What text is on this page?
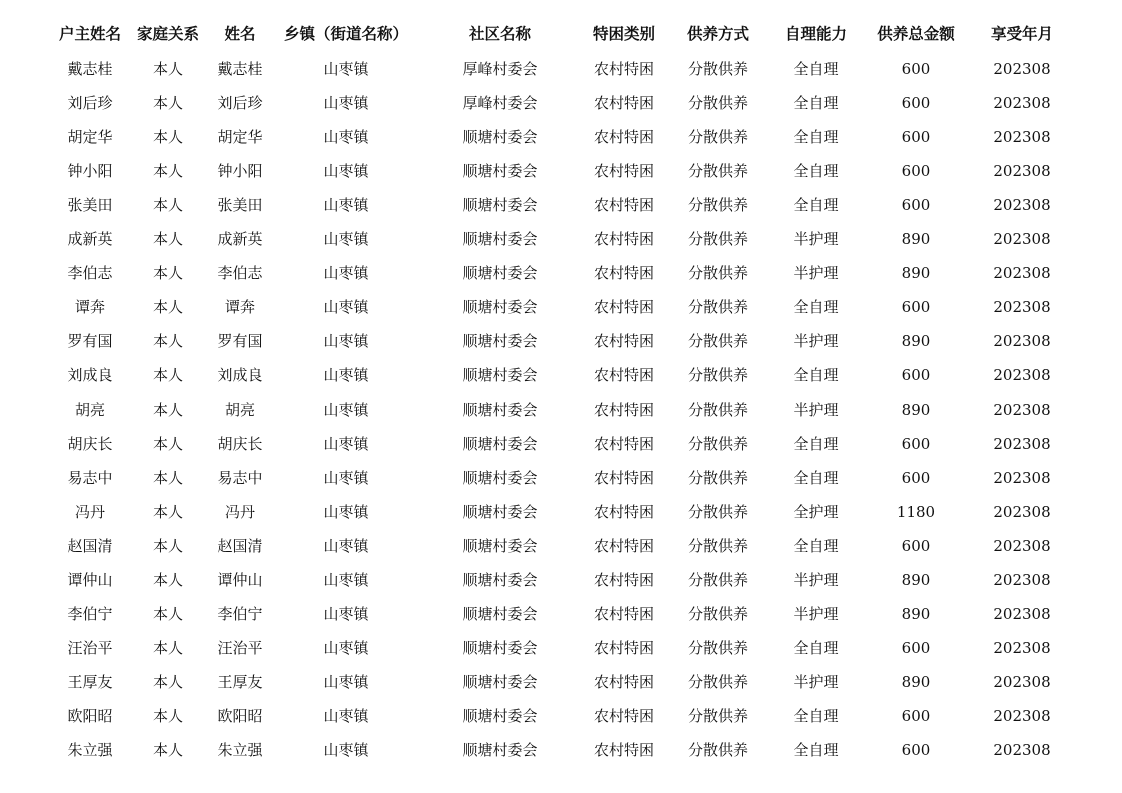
户主姓名	家庭关系	姓名	乡镇（街道名称）	社区名称	特困类别	供养方式	自理能力	供养总金额	享受年月
戴志桂	本人	戴志桂	山枣镇	厚峰村委会	农村特困	分散供养	全自理	600	202308
刘后珍	本人	刘后珍	山枣镇	厚峰村委会	农村特困	分散供养	全自理	600	202308
胡定华	本人	胡定华	山枣镇	顺塘村委会	农村特困	分散供养	全自理	600	202308
钟小阳	本人	钟小阳	山枣镇	顺塘村委会	农村特困	分散供养	全自理	600	202308
张美田	本人	张美田	山枣镇	顺塘村委会	农村特困	分散供养	全自理	600	202308
成新英	本人	成新英	山枣镇	顺塘村委会	农村特困	分散供养	半护理	890	202308
李伯志	本人	李伯志	山枣镇	顺塘村委会	农村特困	分散供养	半护理	890	202308
谭奔	本人	谭奔	山枣镇	顺塘村委会	农村特困	分散供养	全自理	600	202308
罗有国	本人	罗有国	山枣镇	顺塘村委会	农村特困	分散供养	半护理	890	202308
刘成良	本人	刘成良	山枣镇	顺塘村委会	农村特困	分散供养	全自理	600	202308
胡亮	本人	胡亮	山枣镇	顺塘村委会	农村特困	分散供养	半护理	890	202308
胡庆长	本人	胡庆长	山枣镇	顺塘村委会	农村特困	分散供养	全自理	600	202308
易志中	本人	易志中	山枣镇	顺塘村委会	农村特困	分散供养	全自理	600	202308
冯丹	本人	冯丹	山枣镇	顺塘村委会	农村特困	分散供养	全护理	1180	202308
赵国清	本人	赵国清	山枣镇	顺塘村委会	农村特困	分散供养	全自理	600	202308
谭仲山	本人	谭仲山	山枣镇	顺塘村委会	农村特困	分散供养	半护理	890	202308
李伯宁	本人	李伯宁	山枣镇	顺塘村委会	农村特困	分散供养	半护理	890	202308
汪治平	本人	汪治平	山枣镇	顺塘村委会	农村特困	分散供养	全自理	600	202308
王厚友	本人	王厚友	山枣镇	顺塘村委会	农村特困	分散供养	半护理	890	202308
欧阳昭	本人	欧阳昭	山枣镇	顺塘村委会	农村特困	分散供养	全自理	600	202308
朱立强	本人	朱立强	山枣镇	顺塘村委会	农村特困	分散供养	全自理	600	202308
